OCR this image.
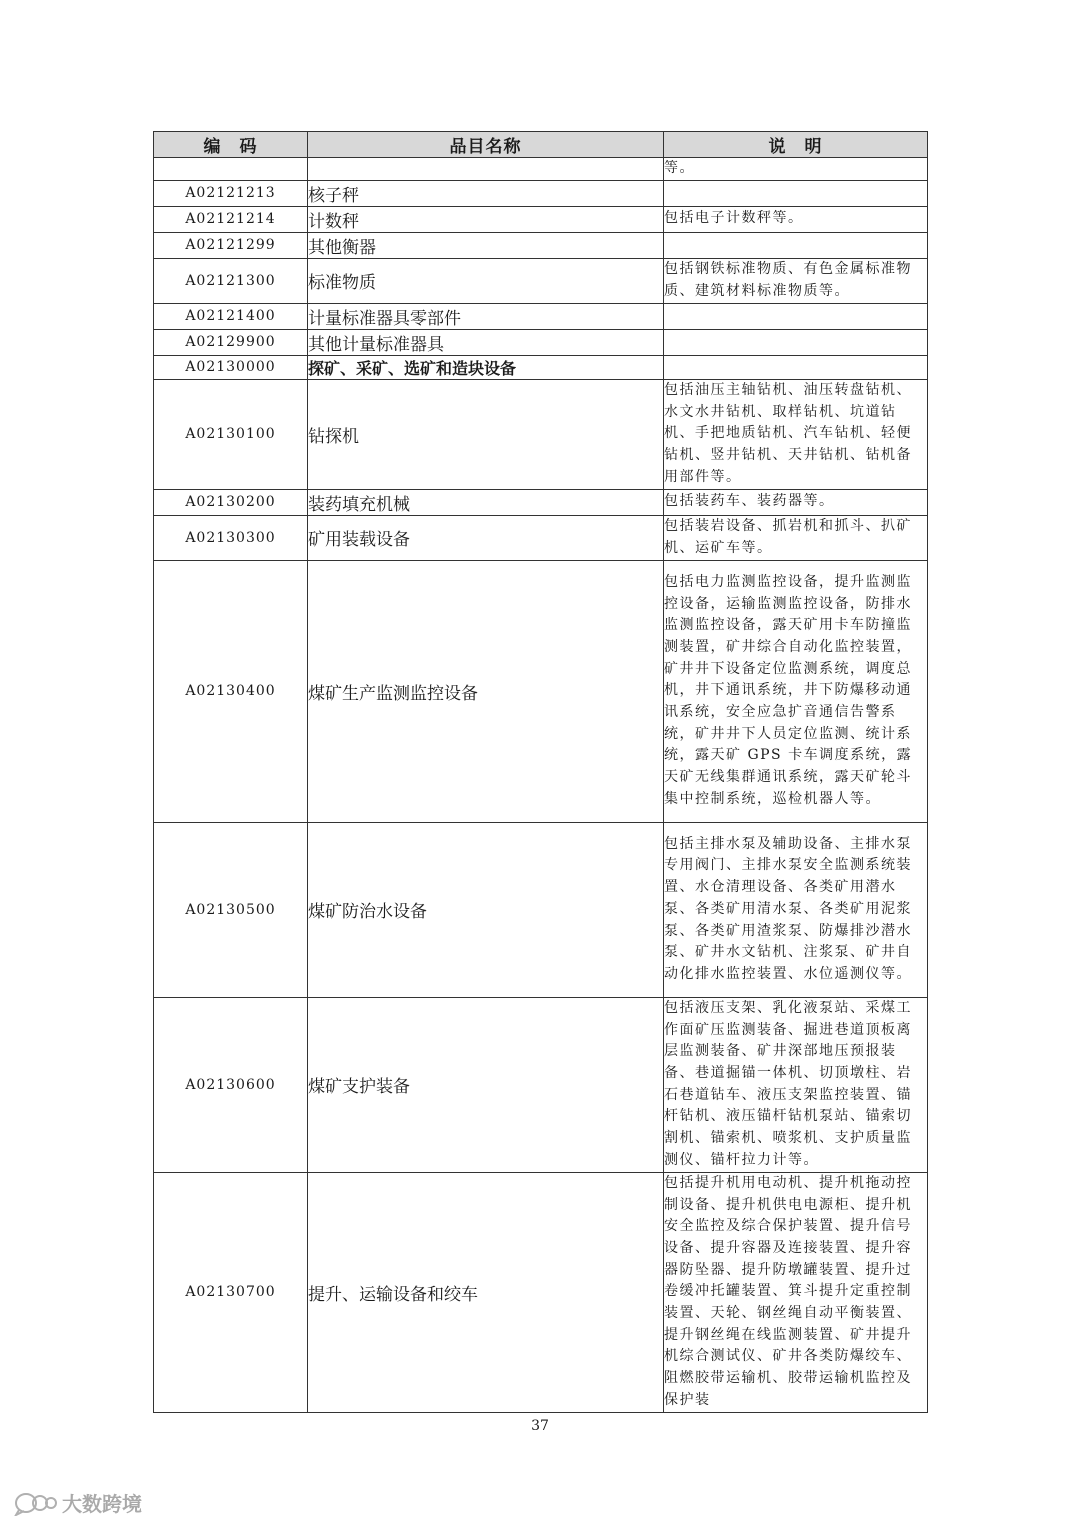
编　码	品目名称	说　明
		等。
A02121213	核子秤	
A02121214	计数秤	包括电子计数秤等。
A02121299	其他衡器	
A02121300	标准物质	包括钢铁标准物质、有色金属标准物质、建筑材料标准物质等。
A02121400	计量标准器具零部件	
A02129900	其他计量标准器具	
A02130000	探矿、采矿、选矿和造块设备	
A02130100	钻探机	包括油压主轴钻机、油压转盘钻机、水文水井钻机、取样钻机、坑道钻机、手把地质钻机、汽车钻机、轻便钻机、竖井钻机、天井钻机、钻机备用部件等。
A02130200	装药填充机械	包括装药车、装药器等。
A02130300	矿用装载设备	包括装岩设备、抓岩机和抓斗、扒矿机、运矿车等。
A02130400	煤矿生产监测监控设备	包括电力监测监控设备，提升监测监控设备，运输监测监控设备，防排水监测监控设备，露天矿用卡车防撞监测装置，矿井综合自动化监控装置，矿井井下设备定位监测系统，调度总机，井下通讯系统，井下防爆移动通讯系统，安全应急扩音通信告警系统，矿井井下人员定位监测、统计系统，露天矿 GPS 卡车调度系统，露天矿无线集群通讯系统，露天矿轮斗集中控制系统，巡检机器人等。
A02130500	煤矿防治水设备	包括主排水泵及辅助设备、主排水泵专用阀门、主排水泵安全监测系统装置、水仓清理设备、各类矿用潜水泵、各类矿用清水泵、各类矿用泥浆泵、各类矿用渣浆泵、防爆排沙潜水泵、矿井水文钻机、注浆泵、矿井自动化排水监控装置、水位遥测仪等。
A02130600	煤矿支护装备	包括液压支架、乳化液泵站、采煤工作面矿压监测装备、掘进巷道顶板离层监测装备、矿井深部地压预报装备、巷道掘锚一体机、切顶墩柱、岩石巷道钻车、液压支架监控装置、锚杆钻机、液压锚杆钻机泵站、锚索切割机、锚索机、喷浆机、支护质量监测仪、锚杆拉力计等。
A02130700	提升、运输设备和绞车	包括提升机用电动机、提升机拖动控制设备、提升机供电电源柜、提升机安全监控及综合保护装置、提升信号设备、提升容器及连接装置、提升容器防坠器、提升防墩罐装置、提升过卷缓冲托罐装置、箕斗提升定重控制装置、天轮、钢丝绳自动平衡装置、提升钢丝绳在线监测装置、矿井提升机综合测试仪、矿井各类防爆绞车、阻燃胶带运输机、胶带运输机监控及保护装
37
大数跨境
